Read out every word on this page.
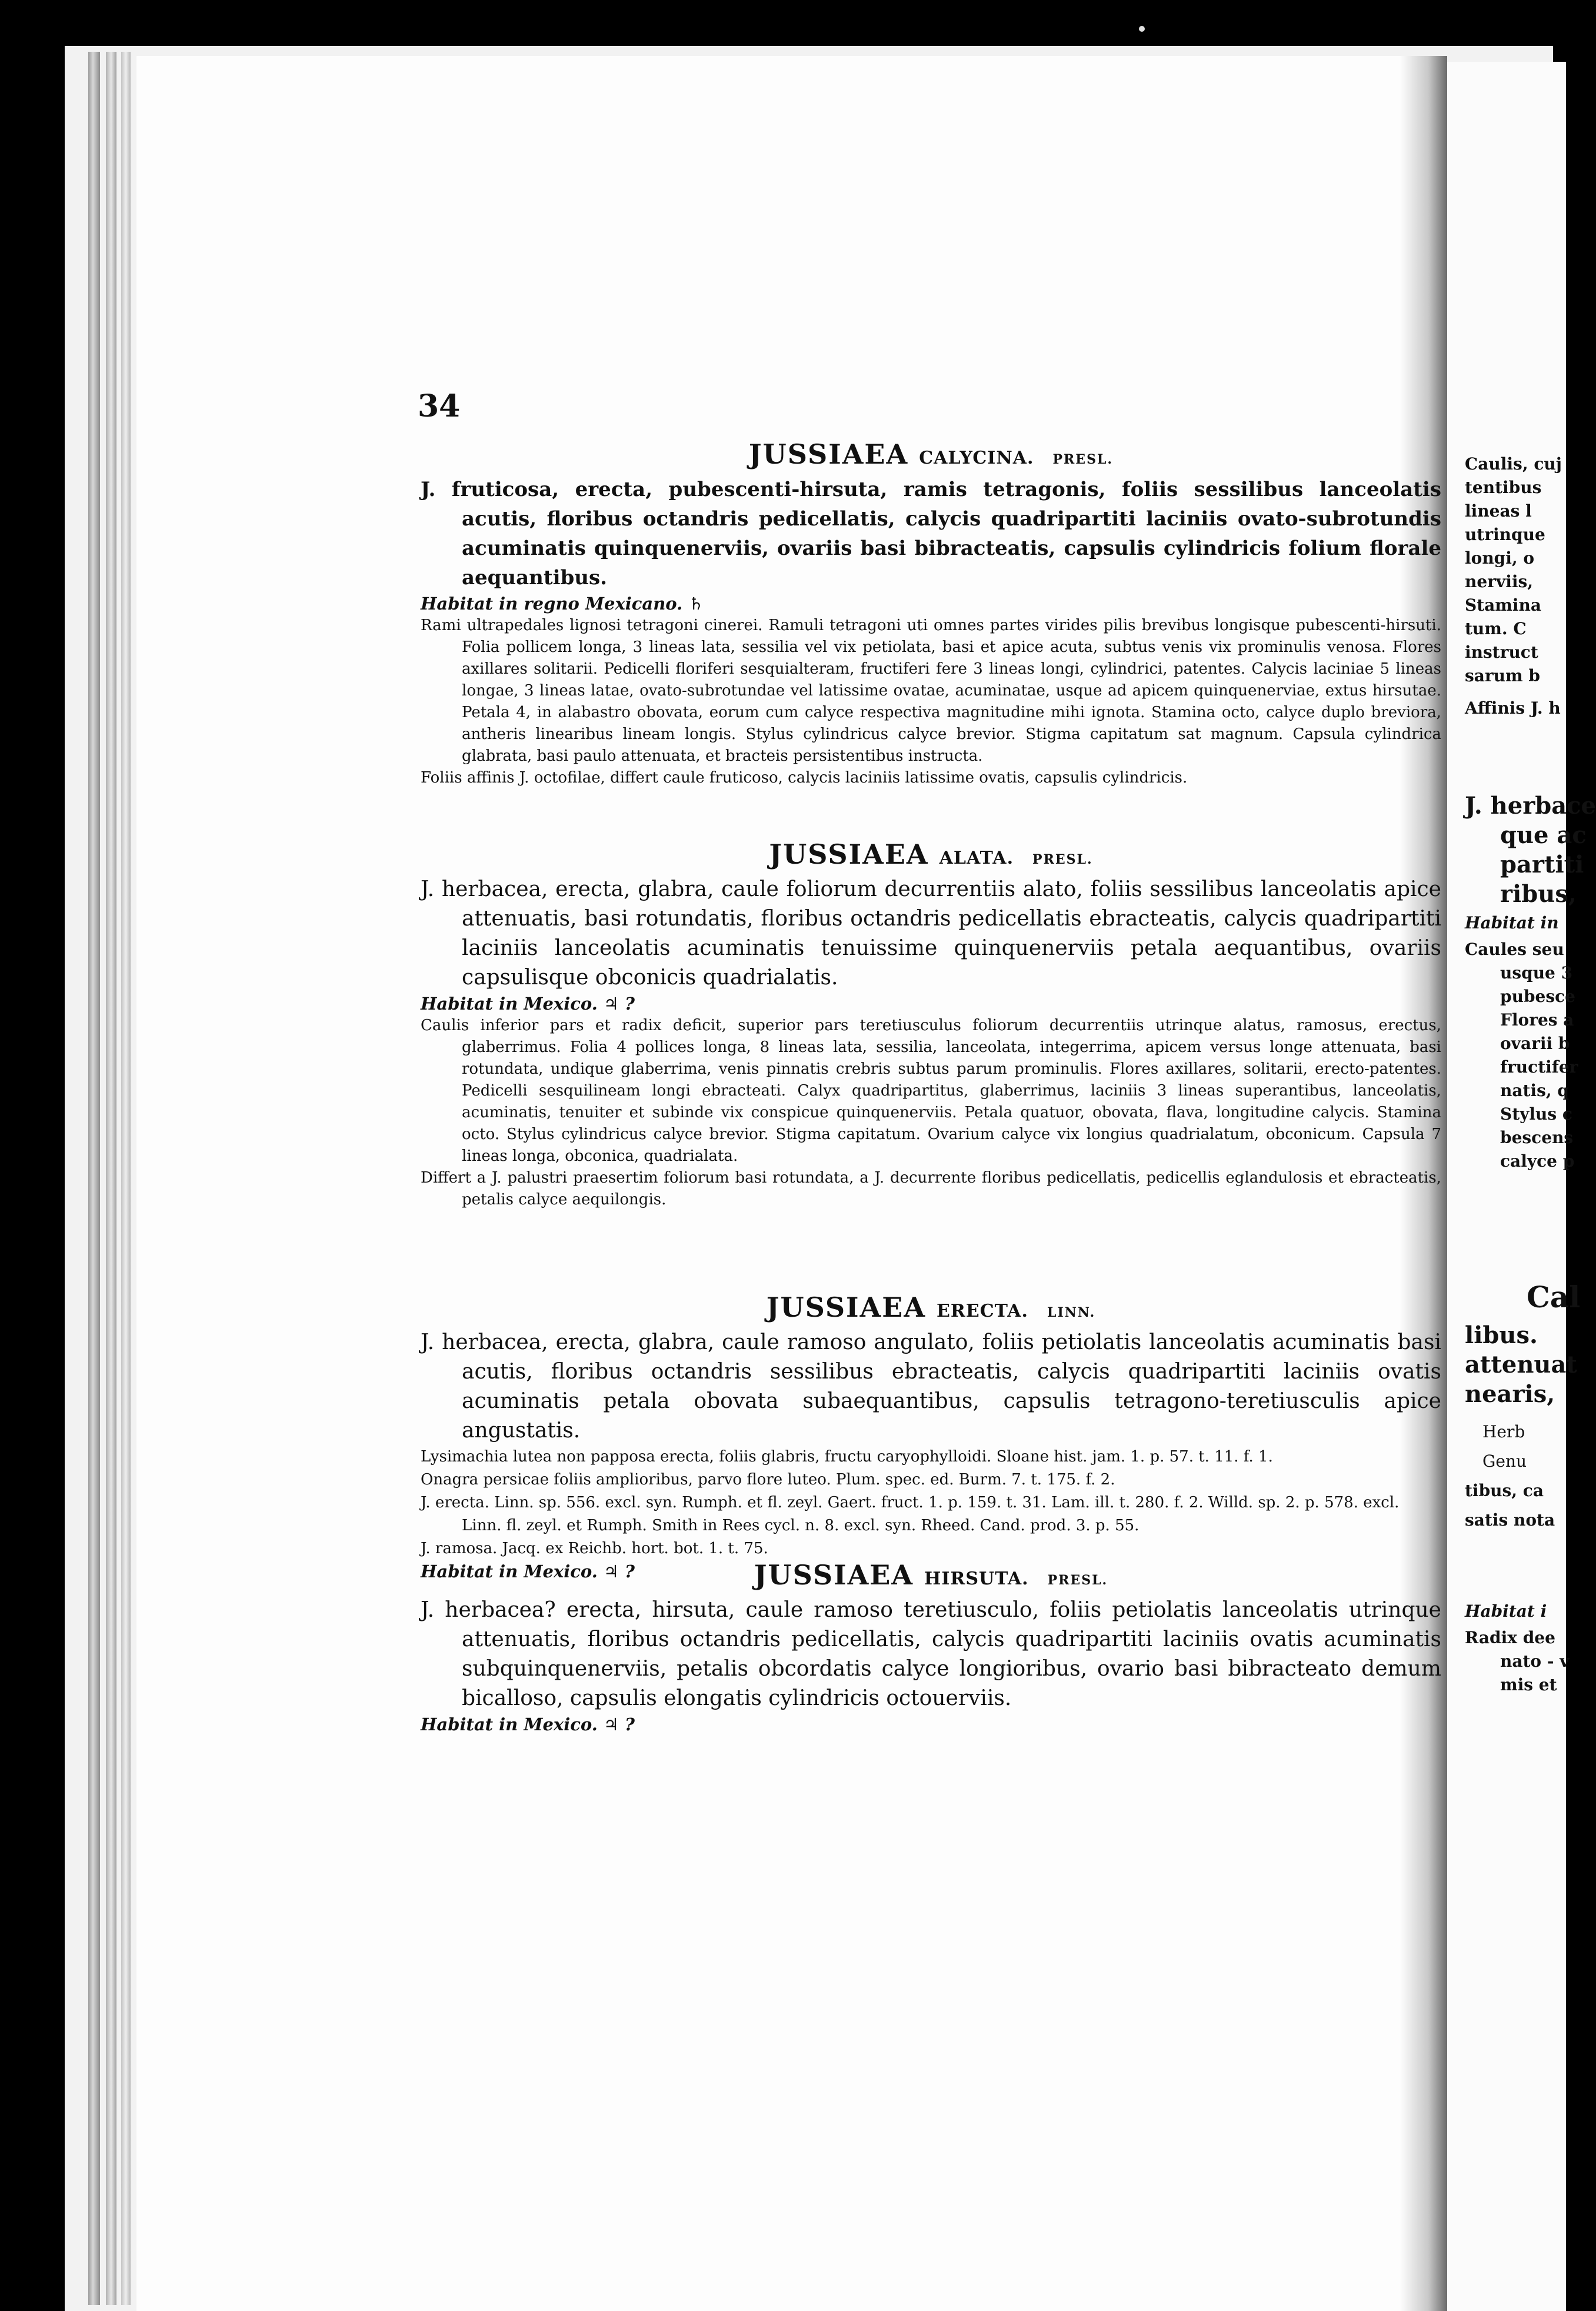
34

JUSSIAEA CALYCINA. PRESL.

J. fruticosa, erecta, pubescenti-hirsuta, ramis tetragonis, foliis sessilibus lanceolatis acutis, floribus octandris pedicellatis, calycis quadripartiti laciniis ovato-subrotundis acuminatis quinquenerviis, ovariis basi bibracteatis, capsulis cylindricis folium florale aequantibus.

Habitat in regno Mexicano. ♄

Rami ultrapedales lignosi tetragoni cinerei. Ramuli tetragoni uti omnes partes virides pilis brevibus longisque pubescenti-hirsuti. Folia pollicem longa, 3 lineas lata, sessilia vel vix petiolata, basi et apice acuta, subtus venis vix prominulis venosa. Flores axillares solitarii. Pedicelli floriferi sesquialteram, fructiferi fere 3 lineas longi, cylindrici, patentes. Calycis laciniae 5 lineas longae, 3 lineas latae, ovato-subrotundae vel latissime ovatae, acuminatae, usque ad apicem quinquenerviae, extus hirsutae. Petala 4, in alabastro obovata, eorum cum calyce respectiva magnitudine mihi ignota. Stamina octo, calyce duplo breviora, antheris linearibus lineam longis. Stylus cylindricus calyce brevior. Stigma capitatum sat magnum. Capsula cylindrica glabrata, basi paulo attenuata, et bracteis persistentibus instructa.

Foliis affinis J. octofilae, differt caule fruticoso, calycis laciniis latissime ovatis, capsulis cylindricis.

JUSSIAEA ALATA. PRESL.

J. herbacea, erecta, glabra, caule foliorum decurrentiis alato, foliis sessilibus lanceolatis apice attenuatis, basi rotundatis, floribus octandris pedicellatis ebracteatis, calycis quadripartiti laciniis lanceolatis acuminatis tenuissime quinquenerviis petala aequantibus, ovariis capsulisque obconicis quadrialatis.

Habitat in Mexico. ♃ ?

Caulis inferior pars et radix deficit, superior pars teretiusculus foliorum decurrentiis utrinque alatus, ramosus, erectus, glaberrimus. Folia 4 pollices longa, 8 lineas lata, sessilia, lanceolata, integerrima, apicem versus longe attenuata, basi rotundata, undique glaberrima, venis pinnatis crebris subtus parum prominulis. Flores axillares, solitarii, erecto-patentes. Pedicelli sesquilineam longi ebracteati. Calyx quadripartitus, glaberrimus, laciniis 3 lineas superantibus, lanceolatis, acuminatis, tenuiter et subinde vix conspicue quinquenerviis. Petala quatuor, obovata, flava, longitudine calycis. Stamina octo. Stylus cylindricus calyce brevior. Stigma capitatum. Ovarium calyce vix longius quadrialatum, obconicum. Capsula 7 lineas longa, obconica, quadrialata.

Differt a J. palustri praesertim foliorum basi rotundata, a J. decurrente floribus pedicellatis, pedicellis eglandulosis et ebracteatis, petalis calyce aequilongis.

JUSSIAEA ERECTA. LINN.

J. herbacea, erecta, glabra, caule ramoso angulato, foliis petiolatis lanceolatis acuminatis basi acutis, floribus octandris sessilibus ebracteatis, calycis quadripartiti laciniis ovatis acuminatis petala obovata subaequantibus, capsulis tetragono-teretiusculis apice angustatis.

Lysimachia lutea non papposa erecta, foliis glabris, fructu caryophylloidi. Sloane hist. jam. 1. p. 57. t. 11. f. 1.

Onagra persicae foliis amplioribus, parvo flore luteo. Plum. spec. ed. Burm. 7. t. 175. f. 2.

J. erecta. Linn. sp. 556. excl. syn. Rumph. et fl. zeyl. Gaert. fruct. 1. p. 159. t. 31. Lam. ill. t. 280. f. 2. Willd. sp. 2. p. 578. excl. Linn. fl. zeyl. et Rumph. Smith in Rees cycl. n. 8. excl. syn. Rheed. Cand. prod. 3. p. 55.

J. ramosa. Jacq. ex Reichb. hort. bot. 1. t. 75.

Habitat in Mexico. ♃ ?	JUSSIAEA HIRSUTA. PRESL.

J. herbacea? erecta, hirsuta, caule ramoso teretiusculo, foliis petiolatis lanceolatis utrinque attenuatis, floribus octandris pedicellatis, calycis quadripartiti laciniis ovatis acuminatis subquinquenerviis, petalis obcordatis calyce longioribus, ovario basi bibracteato demum bicalloso, capsulis elongatis cylindricis octouerviis.

Habitat in Mexico. ♃ ?

Caulis, cuj
tentibus
lineas l
utrinque
longi, o
nerviis,
Stamina
tum. C
instruct
sarum b
Affinis J. h
J. herbace
que ac
partiti
ribus,
Habitat in
Caules seu
usque 3
pubesce
Flores a
ovarii b
fructifer
natis, q
Stylus c
bescens
calyce p
Cal
libus.
attenuat
nearis,
Herb
Genu
tibus, ca
satis nota
Habitat i
Radix dee
nato - v
mis et
